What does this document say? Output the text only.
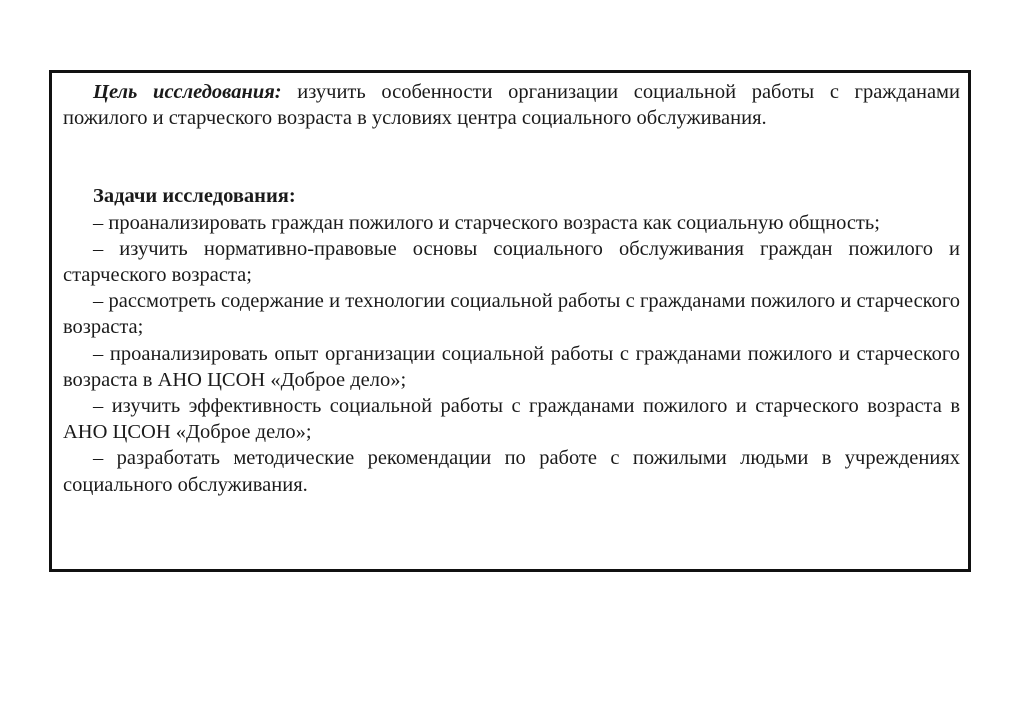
Цель исследования: изучить особенности организации социальной работы с гражданами пожилого и старческого возраста в условиях центра социального обслуживания.

Задачи исследования:

– проанализировать граждан пожилого и старческого возраста как социальную общность;

– изучить нормативно-правовые основы социального обслуживания граждан пожилого и старческого возраста;

– рассмотреть содержание и технологии социальной работы с гражданами пожилого и старческого возраста;

– проанализировать опыт организации социальной работы с гражданами пожилого и старческого возраста в АНО ЦСОН «Доброе дело»;

– изучить эффективность социальной работы с гражданами пожилого и старческого возраста в АНО ЦСОН «Доброе дело»;

– разработать методические рекомендации по работе с пожилыми людьми в учреждениях социального обслуживания.
